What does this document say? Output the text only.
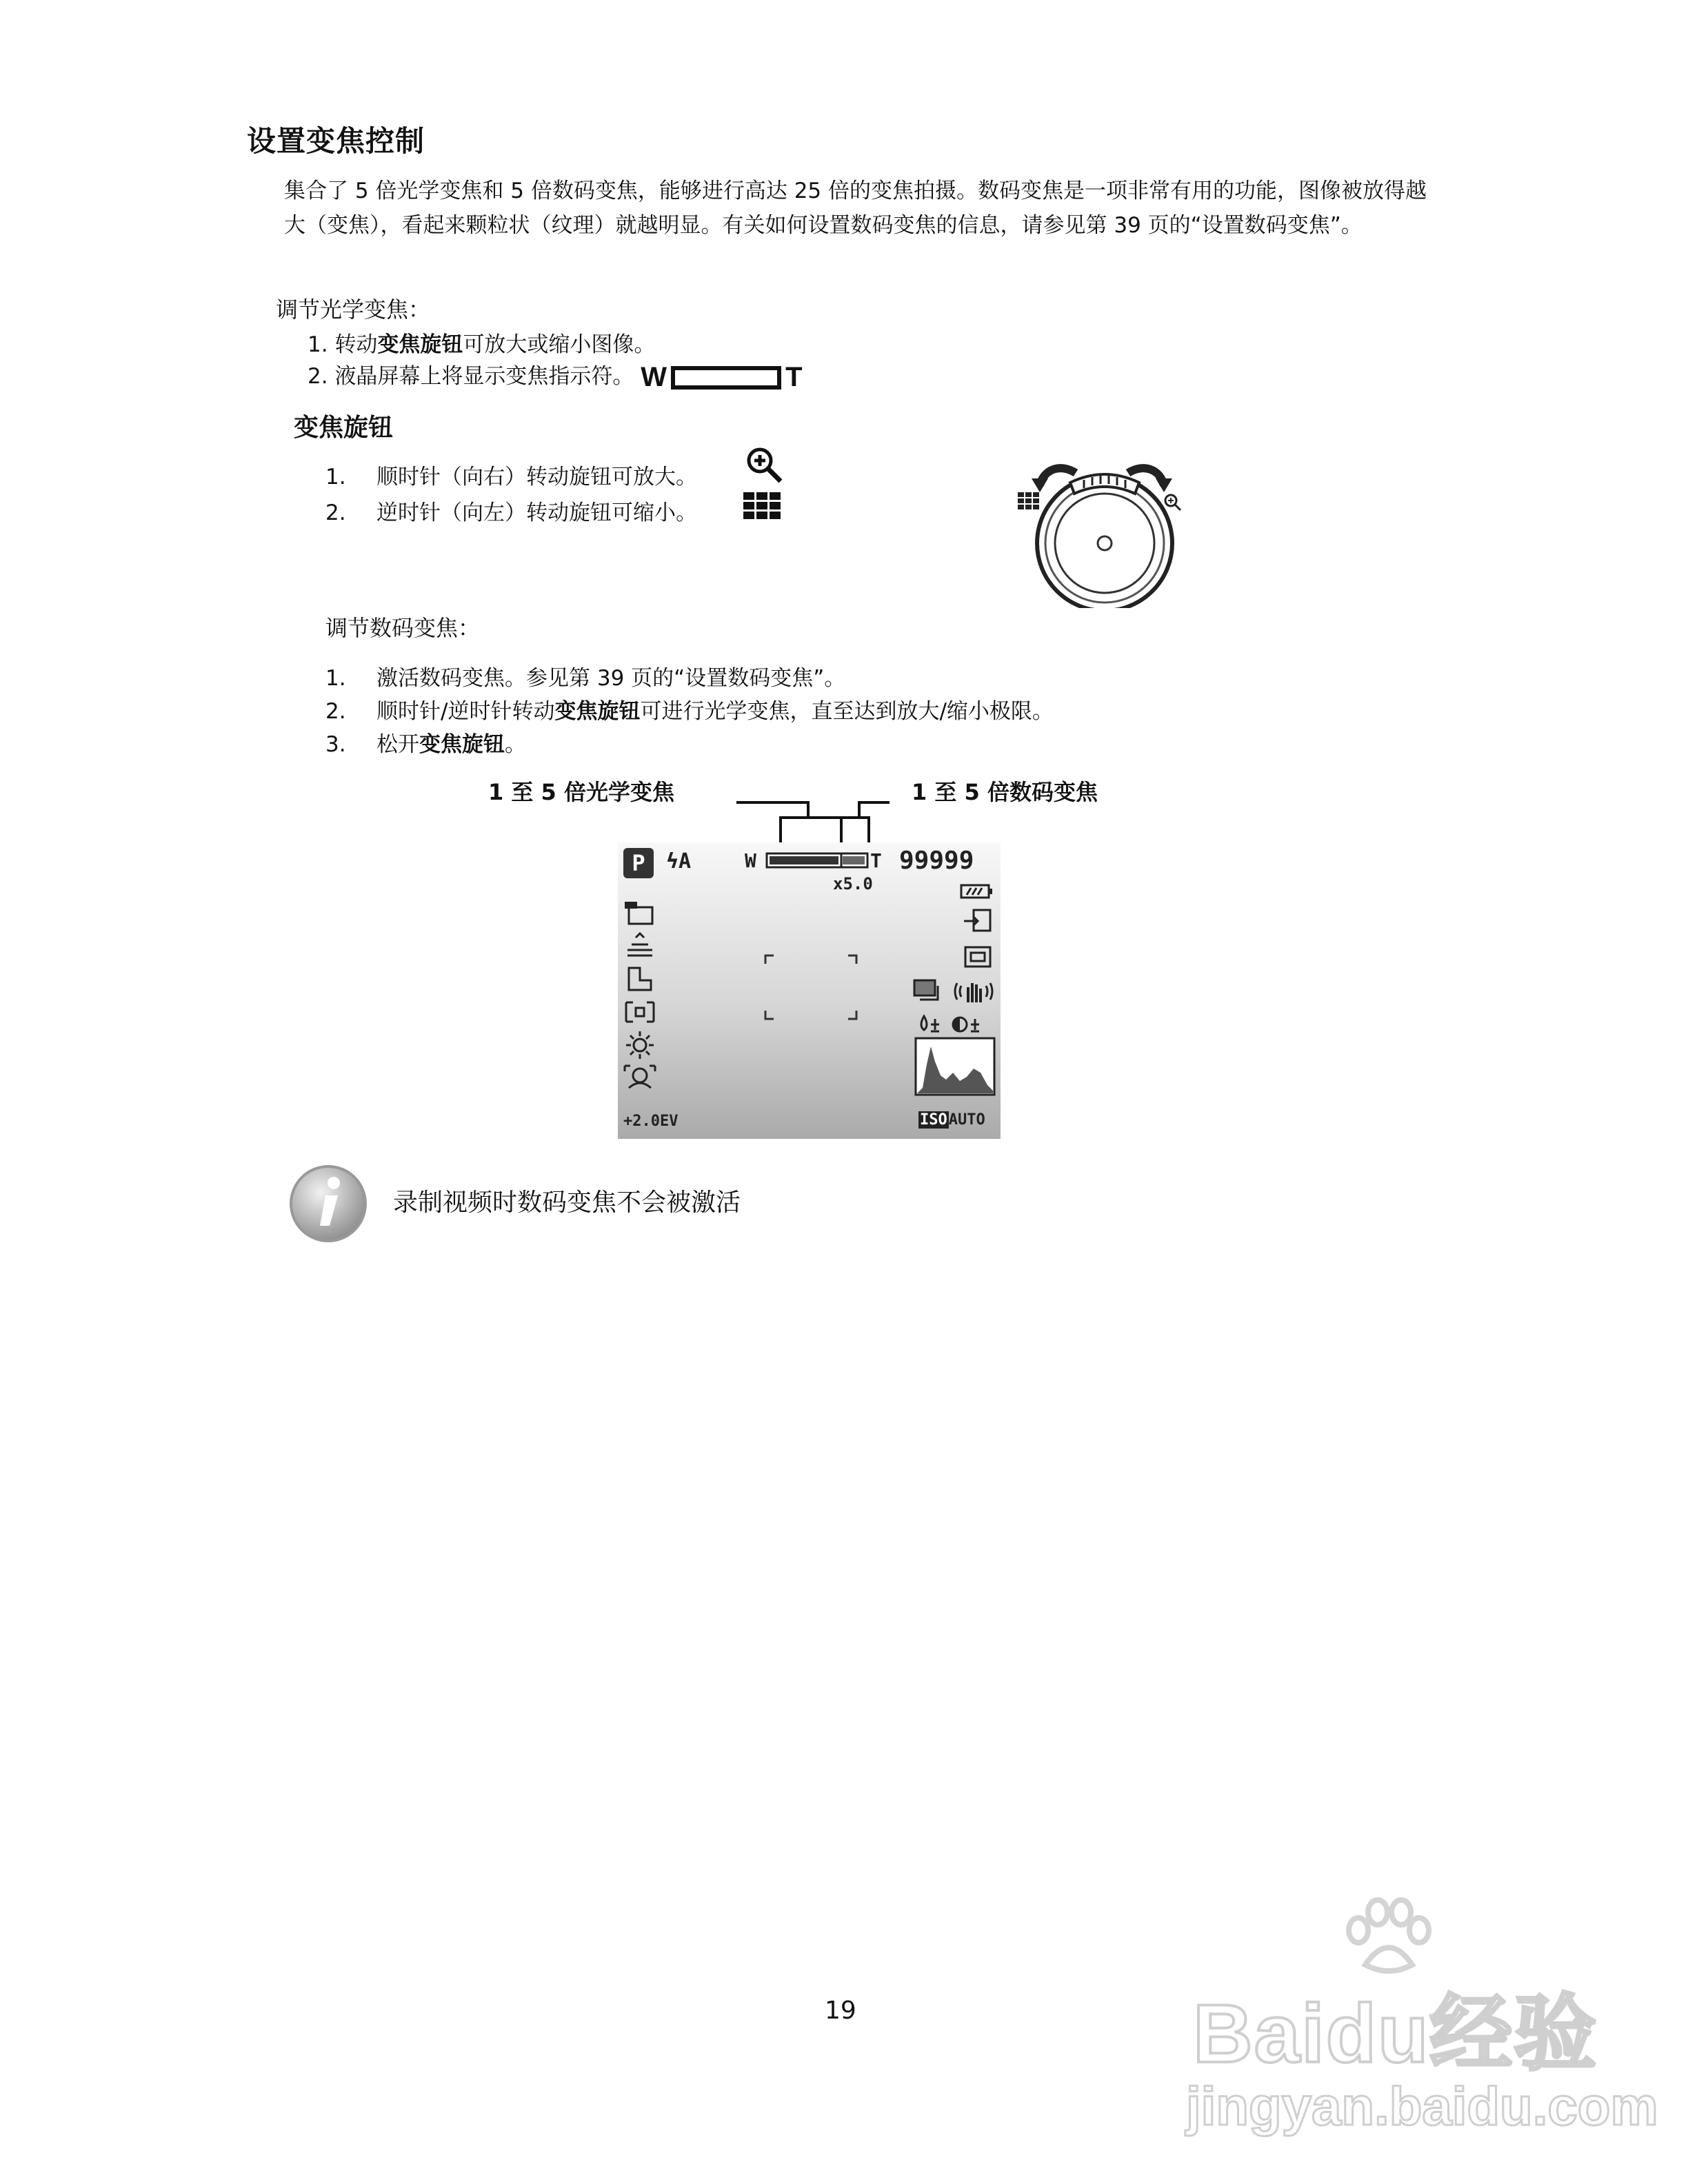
设置变焦控制
集合了 5 倍光学变焦和 5 倍数码变焦，能够进行高达 25 倍的变焦拍摄。数码变焦是一项非常有用的功能，图像被放得越大（变焦），看起来颗粒状（纹理）就越明显。有关如何设置数码变焦的信息，请参见第 39 页的“设置数码变焦”。
调节光学变焦：
1. 转动变焦旋钮可放大或缩小图像。
2. 液晶屏幕上将显示变焦指示符。 W	T
变焦旋钮
1. 顺时针（向右）转动旋钮可放大。
2. 逆时针（向左）转动旋钮可缩小。
调节数码变焦：
1. 激活数码变焦。参见第 39 页的“设置数码变焦”。
2. 顺时针/逆时针转动变焦旋钮可进行光学变焦，直至达到放大/缩小极限。
3. 松开变焦旋钮。
1 至 5 倍光学变焦	1 至 5 倍数码变焦
P	ϟA	W	T 99999
x5.0
+2.0EV	ISOAUTO
录制视频时数码变焦不会被激活
19	Baidu经验
jingyan.baidu.com
